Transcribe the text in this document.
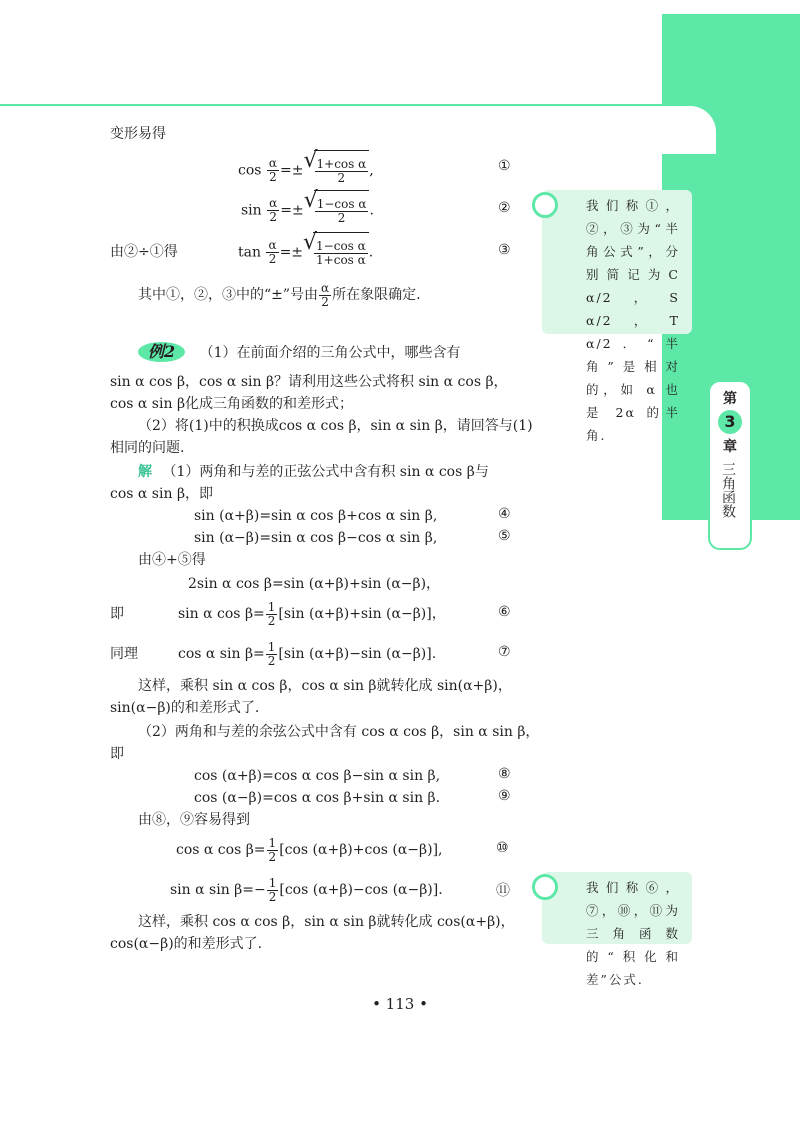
变形易得
$\cos \frac{\alpha}{2}$ =± √
$\frac{\text{1+cos α}}{2}$ ,	①
$\sin \frac{\alpha}{2}$ =± √
$\frac{\text{1−cos α}}{2}$ .	②
由②÷①得	$\tan \frac{\alpha}{2}$ =± √
$\frac{\text{1−cos α}}{\text{1+cos α}}$ .	③
其中①，②，③中的“±”号由 $\frac{\alpha}{2}$ 所在象限确定.
我们称①，②，③为“半角公式”，分别简记为C α/2，S α/2，T α/2．“半角”是相对的，如 α 也是 2α 的半角.
例2 （1）在前面介绍的三角公式中，哪些含有
sin α cos β，cos α sin β？请利用这些公式将积 sin α cos β，
cos α sin β化成三角函数的和差形式；
（2）将(1)中的积换成cos α cos β，sin α sin β，请回答与(1)
相同的问题.
解 （1）两角和与差的正弦公式中含有积 sin α cos β与
cos α sin β，即
sin (α+β)=sin α cos β+cos α sin β,	④
sin (α−β)=sin α cos β−cos α sin β,	⑤
由④+⑤得
2sin α cos β=sin (α+β)+sin (α−β)，
即	sin α $\cos \beta= \frac{1}{2} [\sin$ (α+β)+sin (α−β)]，	⑥
同理	cos α $\sin \beta= \frac{1}{2} [\sin$ (α+β)−sin (α−β)].	⑦
这样，乘积 sin α cos β，cos α sin β就转化成 sin(α+β)，
sin(α−β)的和差形式了.
（2）两角和与差的余弦公式中含有 cos α cos β，sin α sin β，
即
cos (α+β)=cos α cos β−sin α sin β,	⑧
cos (α−β)=cos α cos β+sin α sin β.	⑨
由⑧，⑨容易得到
cos α $\cos \beta= \frac{1}{2} [\cos$ (α+β)+cos (α−β)],	⑩
sin α $\sin \beta=- \frac{1}{2} [\cos$ (α+β)−cos (α−β)].	⑪
这样，乘积 cos α cos β，sin α sin β就转化成 cos(α+β)，
cos(α−β)的和差形式了.
我们称⑥，⑦，⑩，⑪为三角函数的“积化和差”公式.
第
3
章
三角函数
• 113 •
